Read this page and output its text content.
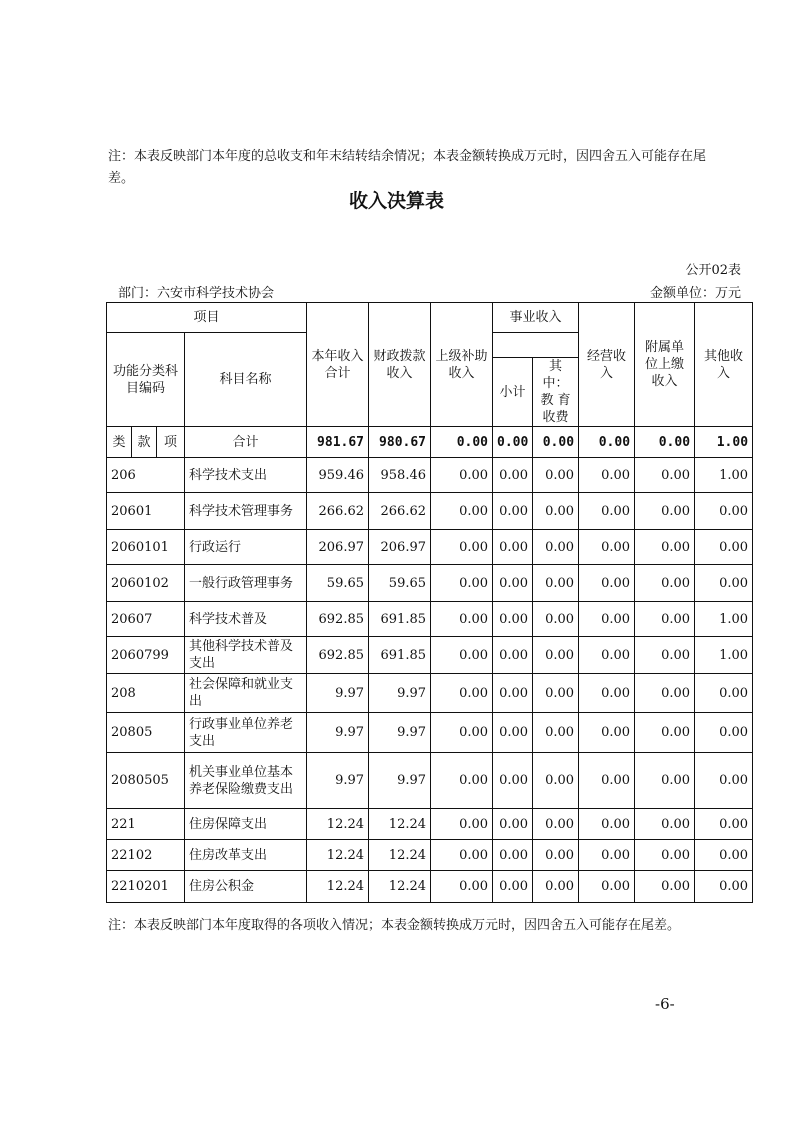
注：本表反映部门本年度的总收支和年末结转结余情况；本表金额转换成万元时，因四舍五入可能存在尾差。
收入决算表
公开02表
部门：六安市科学技术协会	金额单位：万元
项目				本年收入合计	财政拨款收入	上级补助收入	事业收入		经营收入	附属单位上缴收入	其他收入
功能分类科目编码			科目名称								
							小计	其中：教 育收费			
类	款	项	合计	981.67	980.67	0.00	0.00	0.00	0.00	0.00	1.00
206			科学技术支出	959.46	958.46	0.00	0.00	0.00	0.00	0.00	1.00
20601			科学技术管理事务	266.62	266.62	0.00	0.00	0.00	0.00	0.00	0.00
2060101			行政运行	206.97	206.97	0.00	0.00	0.00	0.00	0.00	0.00
2060102			一般行政管理事务	59.65	59.65	0.00	0.00	0.00	0.00	0.00	0.00
20607			科学技术普及	692.85	691.85	0.00	0.00	0.00	0.00	0.00	1.00
2060799			其他科学技术普及支出	692.85	691.85	0.00	0.00	0.00	0.00	0.00	1.00
208			社会保障和就业支出	9.97	9.97	0.00	0.00	0.00	0.00	0.00	0.00
20805			行政事业单位养老支出	9.97	9.97	0.00	0.00	0.00	0.00	0.00	0.00
2080505			机关事业单位基本养老保险缴费支出	9.97	9.97	0.00	0.00	0.00	0.00	0.00	0.00
221			住房保障支出	12.24	12.24	0.00	0.00	0.00	0.00	0.00	0.00
22102			住房改革支出	12.24	12.24	0.00	0.00	0.00	0.00	0.00	0.00
2210201			住房公积金	12.24	12.24	0.00	0.00	0.00	0.00	0.00	0.00
注：本表反映部门本年度取得的各项收入情况；本表金额转换成万元时，因四舍五入可能存在尾差。
-6-
